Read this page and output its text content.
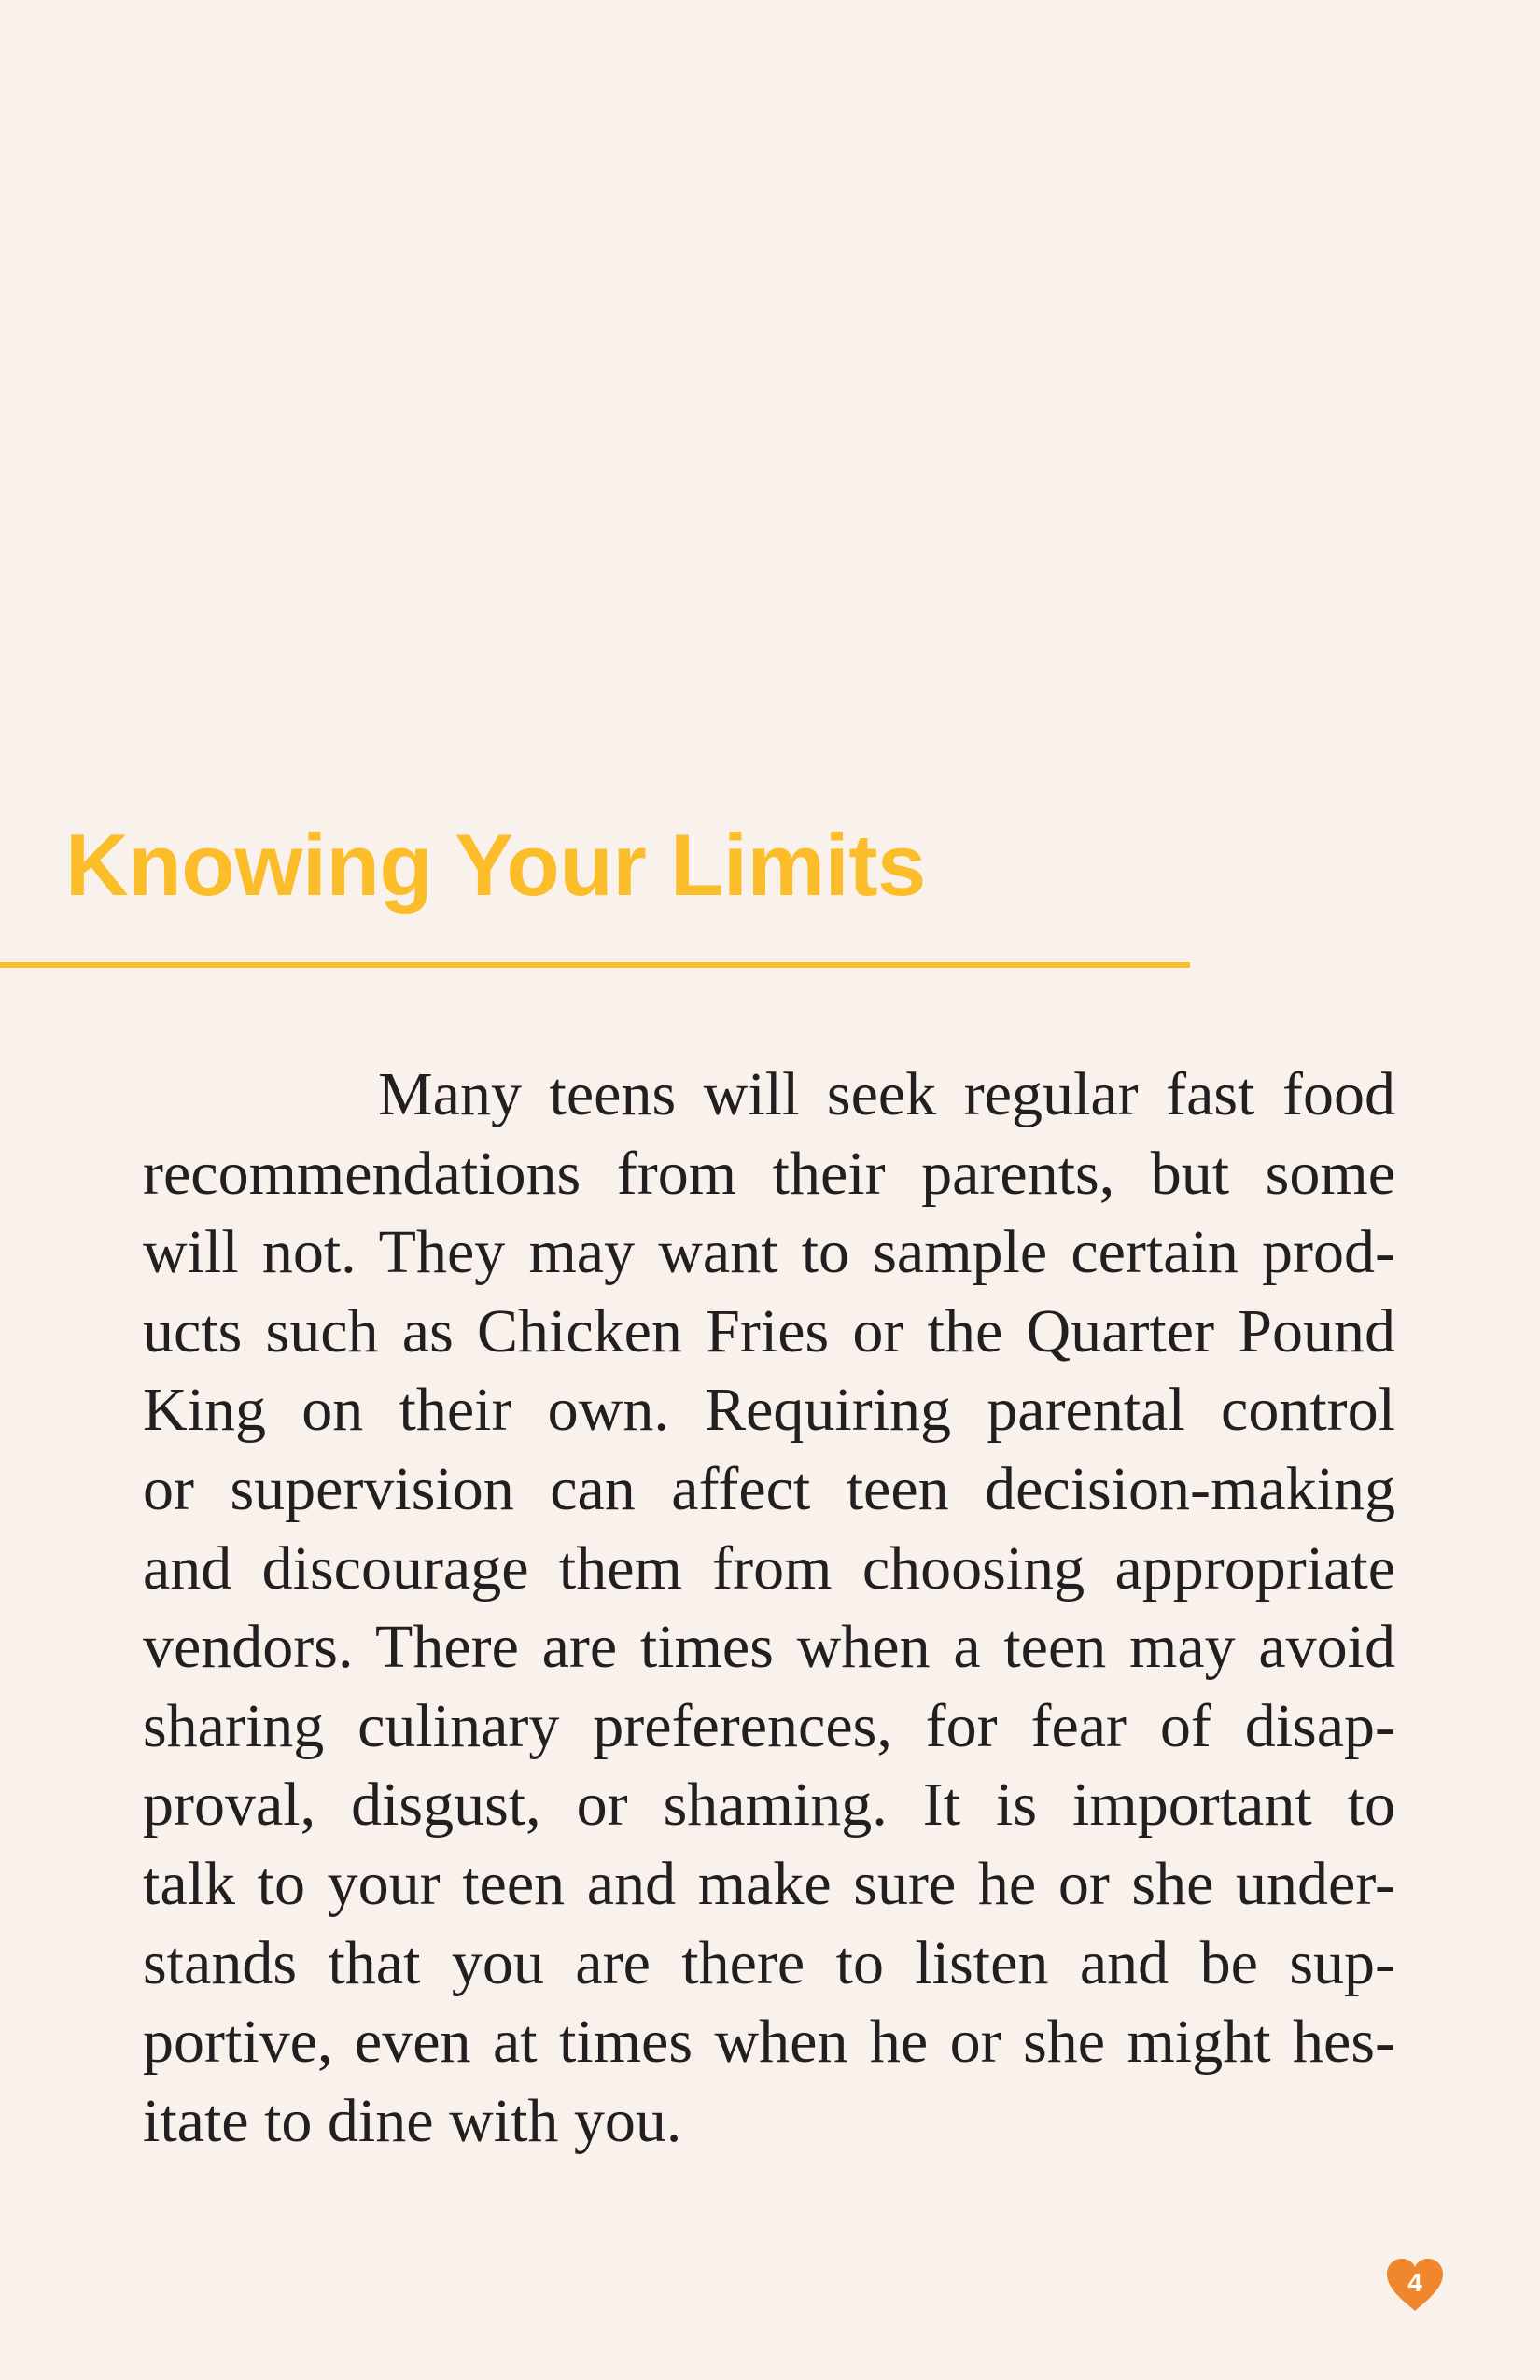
Knowing Your Limits
Many teens will seek regular fast food
recommendations from their parents, but some
will not. They may want to sample certain prod-
ucts such as Chicken Fries or the Quarter Pound
King on their own. Requiring parental control
or supervision can affect teen decision-making
and discourage them from choosing appropriate
vendors. There are times when a teen may avoid
sharing culinary preferences, for fear of disap-
proval, disgust, or shaming. It is important to
talk to your teen and make sure he or she under-
stands that you are there to listen and be sup-
portive, even at times when he or she might hes-
itate to dine with you.
4
